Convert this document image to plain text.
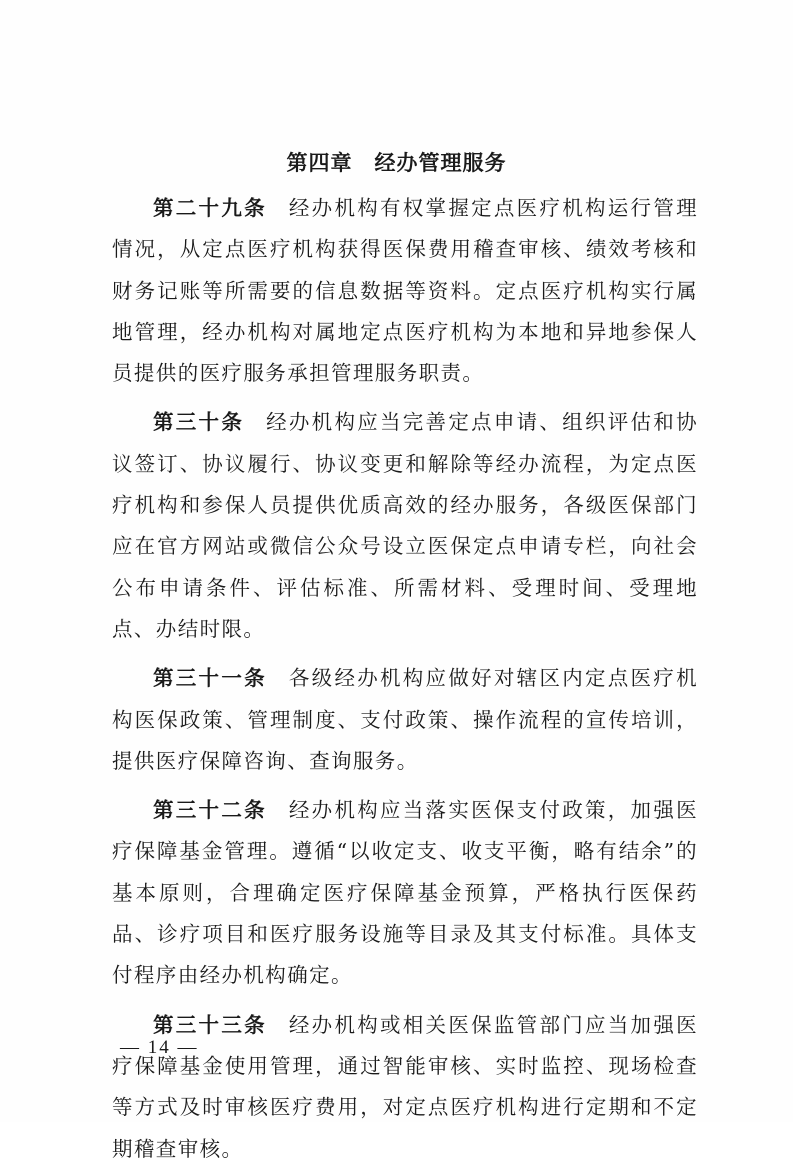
第四章 经办管理服务

第二十九条 经办机构有权掌握定点医疗机构运行管理情况，从定点医疗机构获得医保费用稽查审核、绩效考核和财务记账等所需要的信息数据等资料。定点医疗机构实行属地管理，经办机构对属地定点医疗机构为本地和异地参保人员提供的医疗服务承担管理服务职责。

第三十条 经办机构应当完善定点申请、组织评估和协议签订、协议履行、协议变更和解除等经办流程，为定点医疗机构和参保人员提供优质高效的经办服务，各级医保部门应在官方网站或微信公众号设立医保定点申请专栏，向社会公布申请条件、评估标准、所需材料、受理时间、受理地点、办结时限。

第三十一条 各级经办机构应做好对辖区内定点医疗机构医保政策、管理制度、支付政策、操作流程的宣传培训，提供医疗保障咨询、查询服务。

第三十二条 经办机构应当落实医保支付政策，加强医疗保障基金管理。遵循“以收定支、收支平衡，略有结余”的基本原则，合理确定医疗保障基金预算，严格执行医保药品、诊疗项目和医疗服务设施等目录及其支付标准。具体支付程序由经办机构确定。

第三十三条 经办机构或相关医保监管部门应当加强医疗保障基金使用管理，通过智能审核、实时监控、现场检查等方式及时审核医疗费用，对定点医疗机构进行定期和不定期稽查审核。

— 14 —
